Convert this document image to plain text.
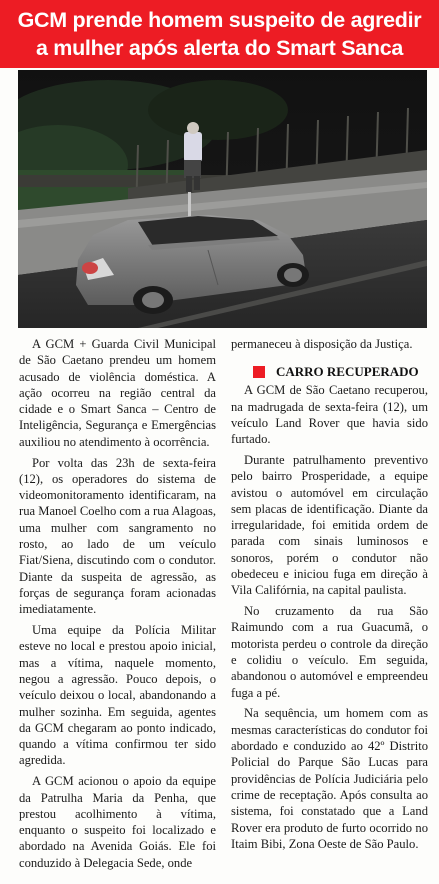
GCM prende homem suspeito de agredir
a mulher após alerta do Smart Sanca

A GCM + Guarda Civil Municipal de São Caetano prendeu um homem acusado de violência doméstica. A ação ocorreu na região central da cidade e o Smart Sanca – Centro de Inteligência, Segurança e Emergências auxiliou no atendimento à ocorrência.

Por volta das 23h de sexta-feira (12), os operadores do sistema de videomonitoramento identificaram, na rua Manoel Coelho com a rua Alagoas, uma mulher com sangramento no rosto, ao lado de um veículo Fiat/Siena, discutindo com o condutor. Diante da suspeita de agressão, as forças de segurança foram acionadas imediatamente.

Uma equipe da Polícia Militar esteve no local e prestou apoio inicial, mas a vítima, naquele momento, negou a agressão. Pouco depois, o veículo deixou o local, abandonando a mulher sozinha. Em seguida, agentes da GCM chegaram ao ponto indicado, quando a vítima confirmou ter sido agredida.

A GCM acionou o apoio da equipe da Patrulha Maria da Penha, que prestou acolhimento à vítima, enquanto o suspeito foi localizado e abordado na Avenida Goiás. Ele foi conduzido à Delegacia Sede, onde

permaneceu à disposição da Justiça.

CARRO RECUPERADO

A GCM de São Caetano recuperou, na madrugada de sexta-feira (12), um veículo Land Rover que havia sido furtado.

Durante patrulhamento preventivo pelo bairro Prosperidade, a equipe avistou o automóvel em circulação sem placas de identificação. Diante da irregularidade, foi emitida ordem de parada com sinais luminosos e sonoros, porém o condutor não obedeceu e iniciou fuga em direção à Vila Califórnia, na capital paulista.

No cruzamento da rua São Raimundo com a rua Guacumã, o motorista perdeu o controle da direção e colidiu o veículo. Em seguida, abandonou o automóvel e empreendeu fuga a pé.

Na sequência, um homem com as mesmas características do condutor foi abordado e conduzido ao 42º Distrito Policial do Parque São Lucas para providências de Polícia Judiciária pelo crime de receptação. Após consulta ao sistema, foi constatado que a Land Rover era produto de furto ocorrido no Itaim Bibi, Zona Oeste de São Paulo.
